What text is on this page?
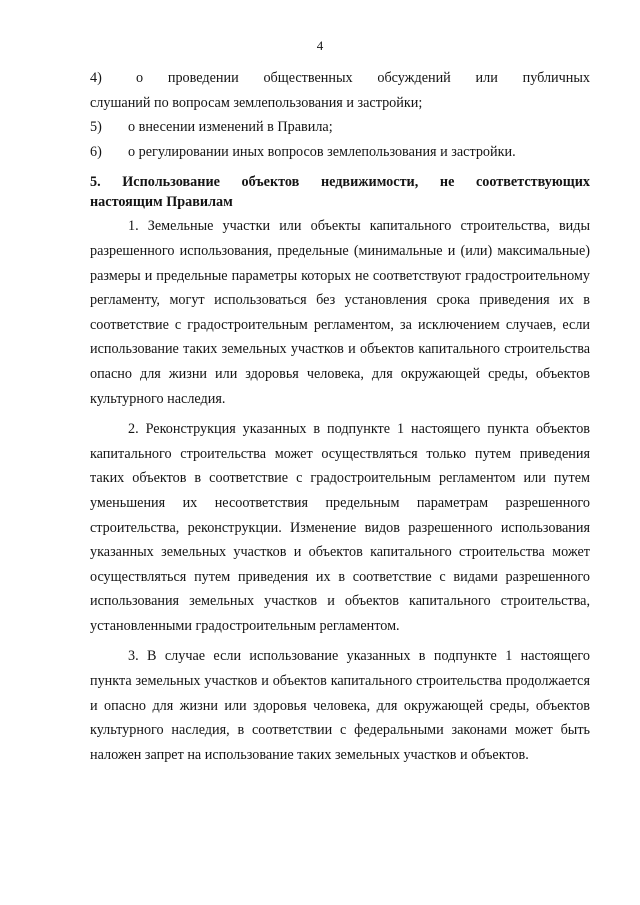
4
4)	о проведении общественных обсуждений или публичных
слушаний по вопросам землепользования и застройки;
5)	о внесении изменений в Правила;
6)	о регулировании иных вопросов землепользования и застройки.
5. Использование объектов недвижимости, не соответствующих
настоящим Правилам
1. Земельные участки или объекты капитального строительства, виды разрешенного использования, предельные (минимальные и (или) максимальные) размеры и предельные параметры которых не соответствуют градостроительному регламенту, могут использоваться без установления срока приведения их в соответствие с градостроительным регламентом, за исключением случаев, если использование таких земельных участков и объектов капитального строительства опасно для жизни или здоровья человека, для окружающей среды, объектов культурного наследия.
2. Реконструкция указанных в подпункте 1 настоящего пункта объектов капитального строительства может осуществляться только путем приведения таких объектов в соответствие с градостроительным регламентом или путем уменьшения их несоответствия предельным параметрам разрешенного строительства, реконструкции. Изменение видов разрешенного использования указанных земельных участков и объектов капитального строительства может осуществляться путем приведения их в соответствие с видами разрешенного использования земельных участков и объектов капитального строительства, установленными градостроительным регламентом.
3. В случае если использование указанных в подпункте 1 настоящего пункта земельных участков и объектов капитального строительства продолжается и опасно для жизни или здоровья человека, для окружающей среды, объектов культурного наследия, в соответствии с федеральными законами может быть наложен запрет на использование таких земельных участков и объектов.
